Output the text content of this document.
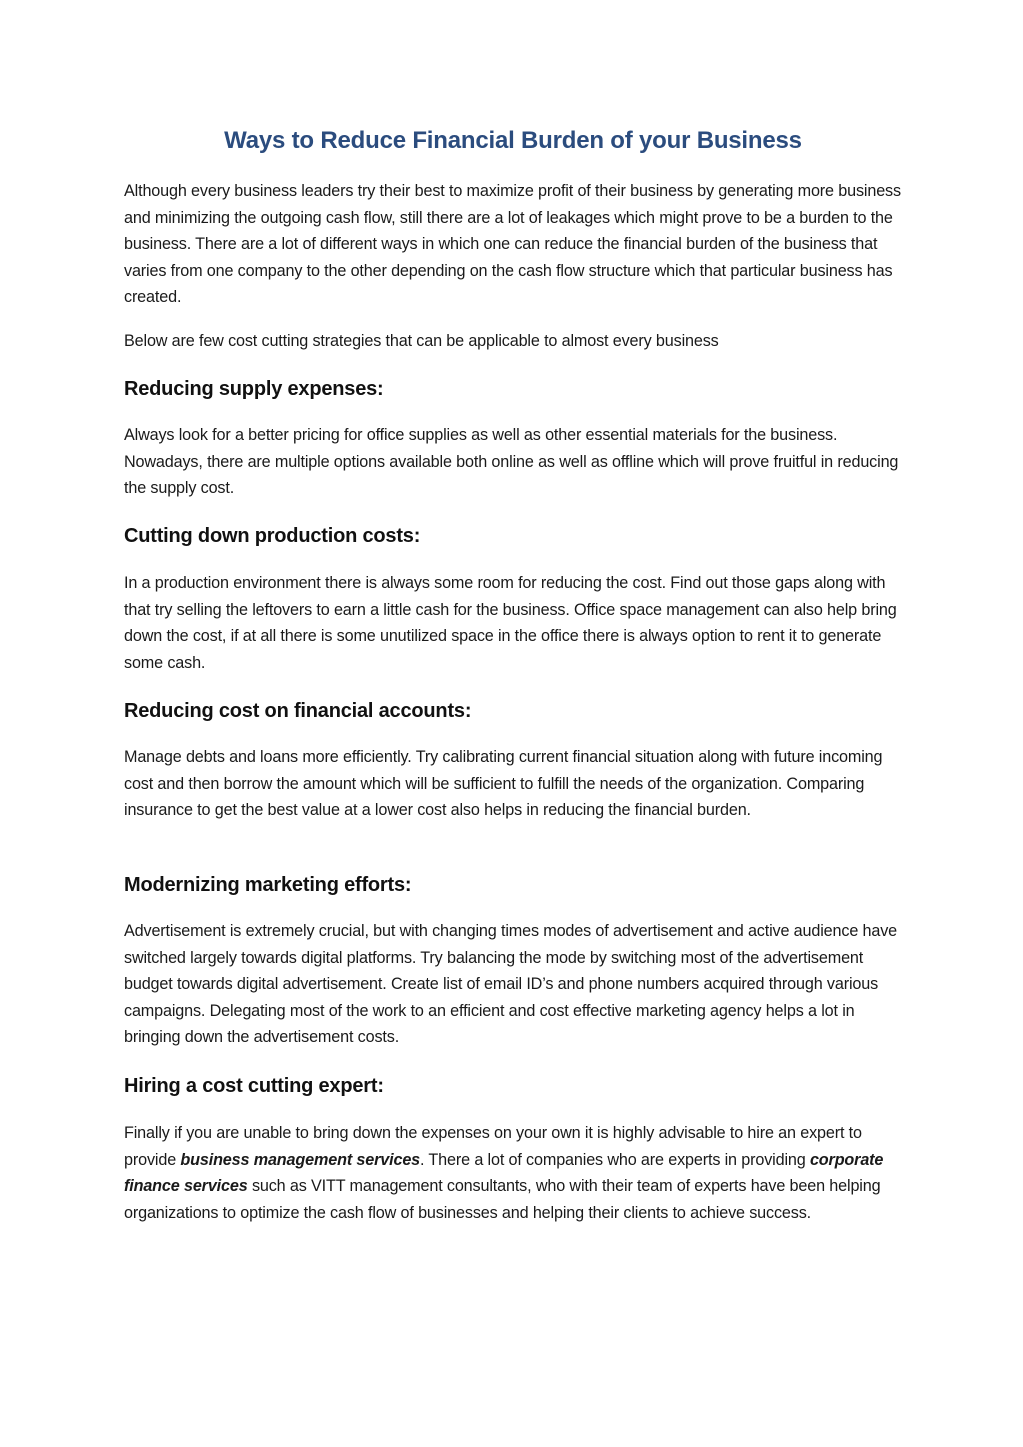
Ways to Reduce Financial Burden of your Business

Although every business leaders try their best to maximize profit of their business by generating more business and minimizing the outgoing cash flow, still there are a lot of leakages which might prove to be a burden to the business. There are a lot of different ways in which one can reduce the financial burden of the business that varies from one company to the other depending on the cash flow structure which that particular business has created.

Below are few cost cutting strategies that can be applicable to almost every business

Reducing supply expenses:

Always look for a better pricing for office supplies as well as other essential materials for the business. Nowadays, there are multiple options available both online as well as offline which will prove fruitful in reducing the supply cost.

Cutting down production costs:

In a production environment there is always some room for reducing the cost. Find out those gaps along with that try selling the leftovers to earn a little cash for the business. Office space management can also help bring down the cost, if at all there is some unutilized space in the office there is always option to rent it to generate some cash.

Reducing cost on financial accounts:

Manage debts and loans more efficiently. Try calibrating current financial situation along with future incoming cost and then borrow the amount which will be sufficient to fulfill the needs of the organization. Comparing insurance to get the best value at a lower cost also helps in reducing the financial burden.

Modernizing marketing efforts:

Advertisement is extremely crucial, but with changing times modes of advertisement and active audience have switched largely towards digital platforms. Try balancing the mode by switching most of the advertisement budget towards digital advertisement. Create list of email ID’s and phone numbers acquired through various campaigns. Delegating most of the work to an efficient and cost effective marketing agency helps a lot in bringing down the advertisement costs.

Hiring a cost cutting expert:

Finally if you are unable to bring down the expenses on your own it is highly advisable to hire an expert to provide business management services. There a lot of companies who are experts in providing corporate finance services such as VITT management consultants, who with their team of experts have been helping organizations to optimize the cash flow of businesses and helping their clients to achieve success.
